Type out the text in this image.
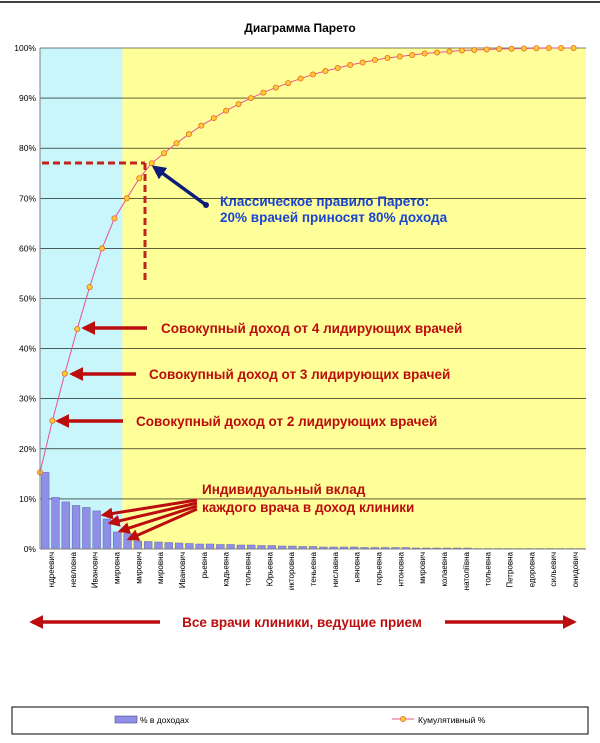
Диаграмма Парето
0%
10%
20%
30%
40%
50%
60%
70%
80%
90%
100%
ндреевич невловна Иванович мировна мирович мировна Иванович рьевна кадьевна тольевна Юрьевна икторовна теньевна ниславна ьяновна горьевна нтоновна мирович колаевна натоліївна тольевна Петровна едоровна сильевич онидович
Классическое правило Парето:
20% врачей приносят 80% дохода
Совокупный доход от 4 лидирующих врачей
Совокупный доход от 3 лидирующих врачей
Совокупный доход от 2 лидирующих врачей
Индивидуальный вклад
каждого врача в доход клиники
Все врачи клиники, ведущие прием
% в доходах	Кумулятивный %
